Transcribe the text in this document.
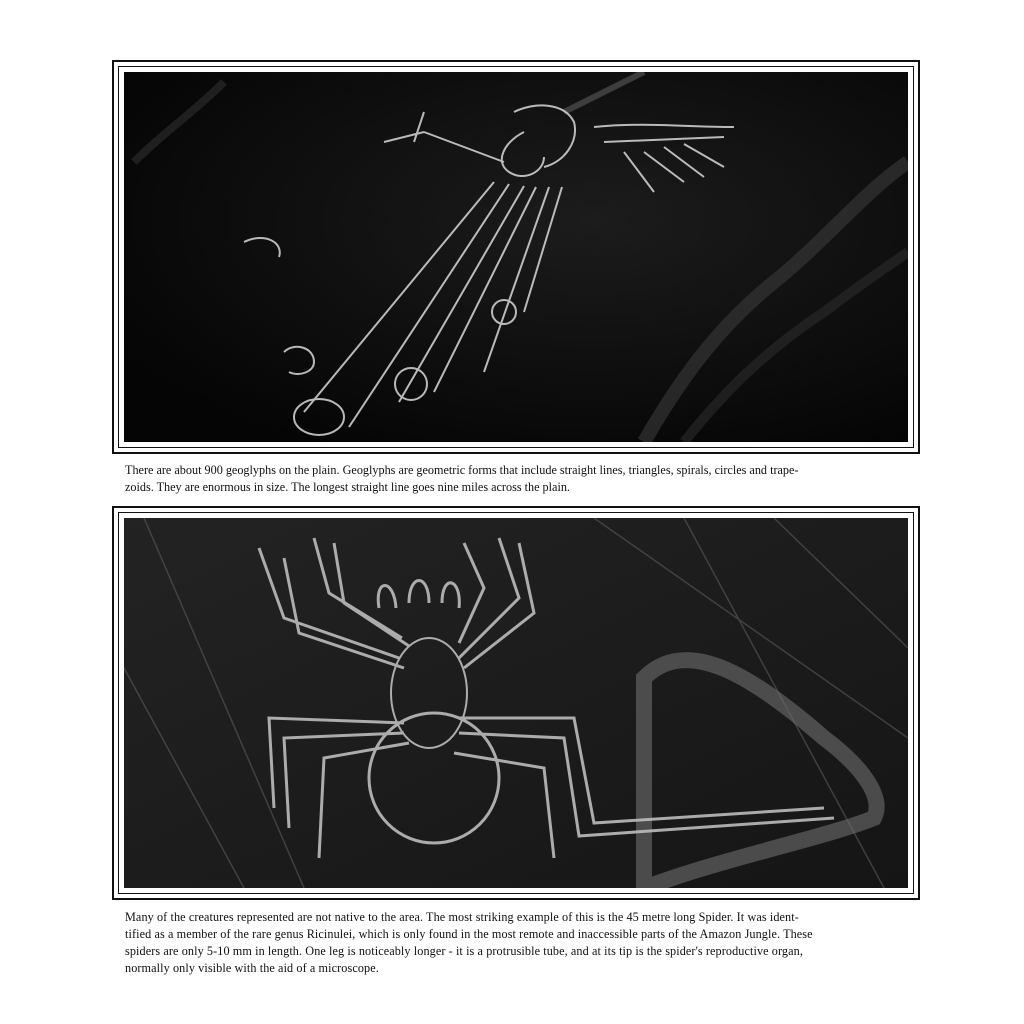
There are about 900 geoglyphs on the plain. Geoglyphs are geometric forms that include straight lines, triangles, spirals, circles and trape-
zoids. They are enormous in size. The longest straight line goes nine miles across the plain.

Many of the creatures represented are not native to the area. The most striking example of this is the 45 metre long Spider. It was ident-
tified as a member of the rare genus Ricinulei, which is only found in the most remote and inaccessible parts of the Amazon Jungle. These
spiders are only 5-10 mm in length. One leg is noticeably longer - it is a protrusible tube, and at its tip is the spider's reproductive organ,
normally only visible with the aid of a microscope.
